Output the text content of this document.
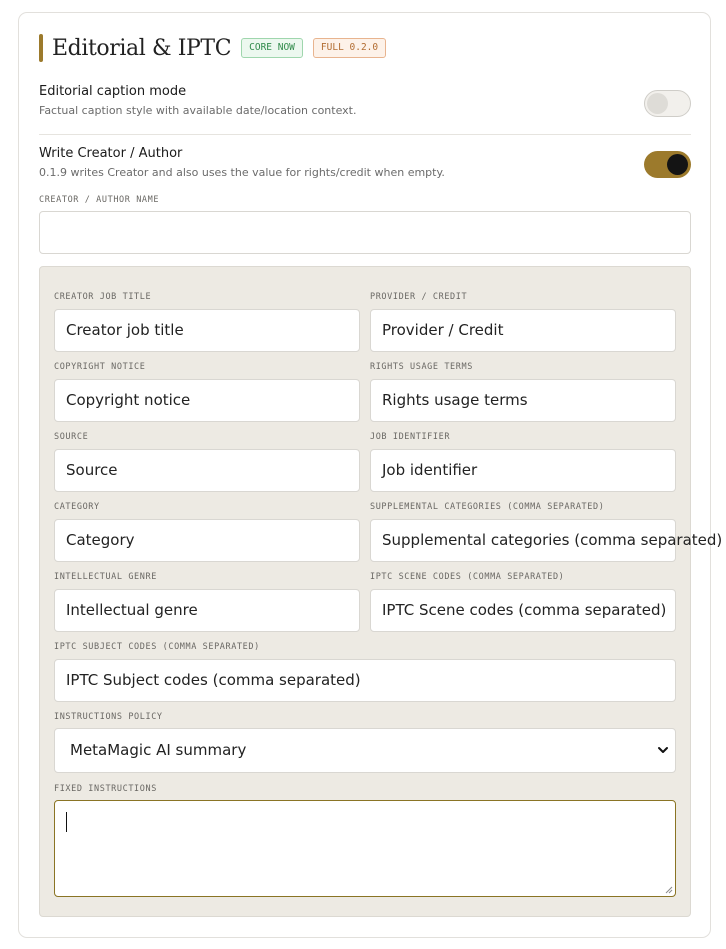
Editorial & IPTC	CORE NOW	FULL 0.2.0
Editorial caption mode
Factual caption style with available date/location context.
Write Creator / Author
0.1.9 writes Creator and also uses the value for rights/credit when empty.
CREATOR / AUTHOR NAME
CREATOR JOB TITLE
Creator job title
PROVIDER / CREDIT
Provider / Credit
COPYRIGHT NOTICE
Copyright notice
RIGHTS USAGE TERMS
Rights usage terms
SOURCE
Source
JOB IDENTIFIER
Job identifier
CATEGORY
Category
SUPPLEMENTAL CATEGORIES (COMMA SEPARATED)
Supplemental categories (comma separated)
INTELLECTUAL GENRE
Intellectual genre
IPTC SCENE CODES (COMMA SEPARATED)
IPTC Scene codes (comma separated)
IPTC SUBJECT CODES (COMMA SEPARATED)
IPTC Subject codes (comma separated)
INSTRUCTIONS POLICY
MetaMagic AI summary
FIXED INSTRUCTIONS
